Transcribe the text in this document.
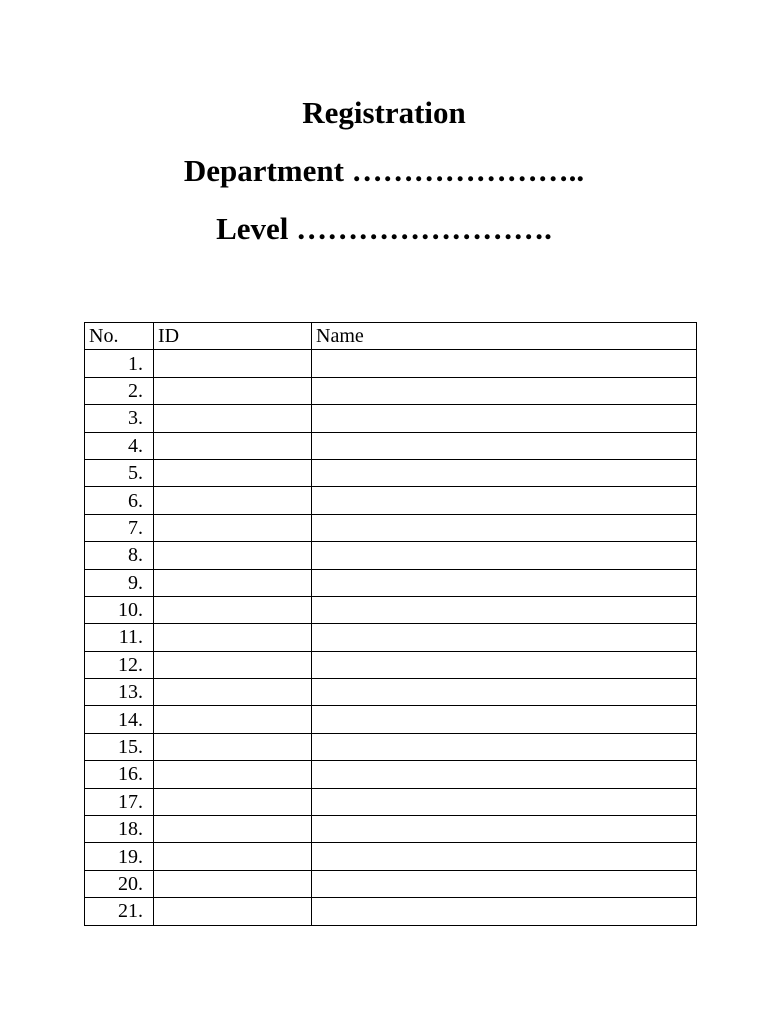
Registration
Department …………………..
Level …………………….
No.	ID	Name
1.		
2.		
3.		
4.		
5.		
6.		
7.		
8.		
9.		
10.		
11.		
12.		
13.		
14.		
15.		
16.		
17.		
18.		
19.		
20.		
21.		
